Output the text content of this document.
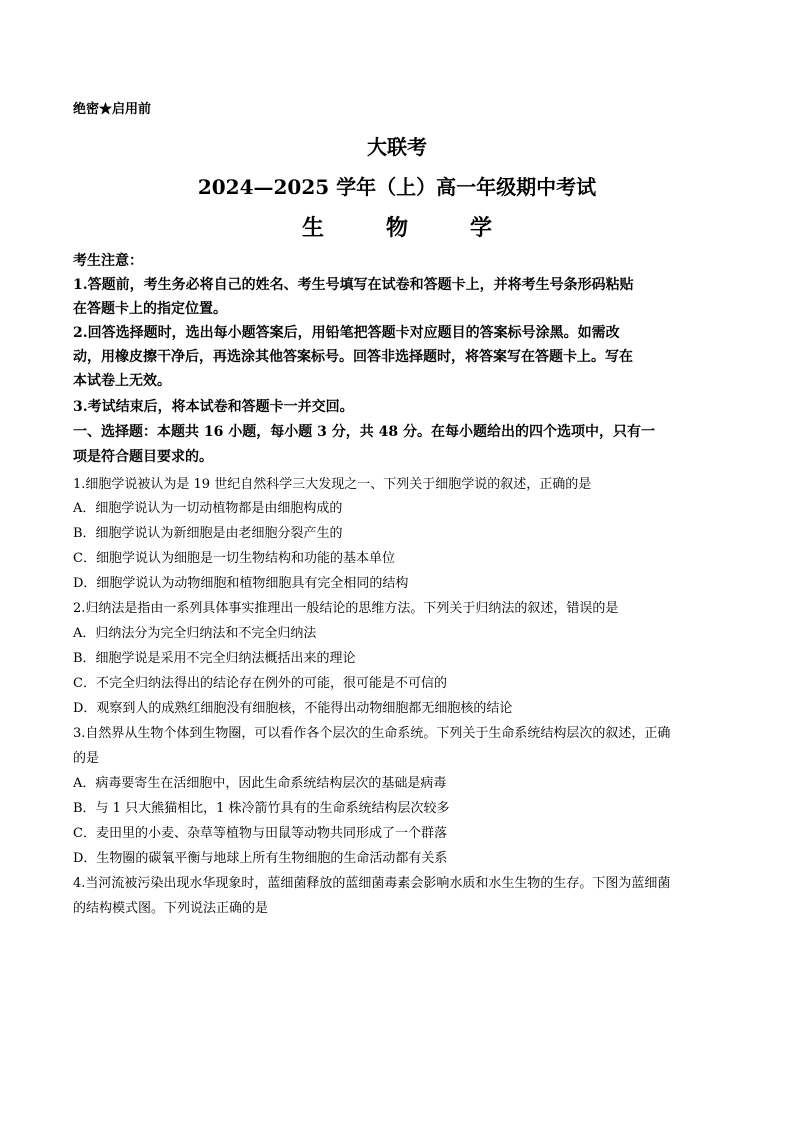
绝密★启用前
大联考
2024—2025 学年（上）高一年级期中考试
生　物　学
考生注意：
1.答题前，考生务必将自己的姓名、考生号填写在试卷和答题卡上，并将考生号条形码粘贴
在答题卡上的指定位置。
2.回答选择题时，选出每小题答案后，用铅笔把答题卡对应题目的答案标号涂黑。如需改
动，用橡皮擦干净后，再选涂其他答案标号。回答非选择题时，将答案写在答题卡上。写在
本试卷上无效。
3.考试结束后，将本试卷和答题卡一并交回。
一、选择题：本题共 16 小题，每小题 3 分，共 48 分。在每小题给出的四个选项中，只有一
项是符合题目要求的。
1.细胞学说被认为是 19 世纪自然科学三大发现之一、下列关于细胞学说的叙述，正确的是
A．细胞学说认为一切动植物都是由细胞构成的
B．细胞学说认为新细胞是由老细胞分裂产生的
C．细胞学说认为细胞是一切生物结构和功能的基本单位
D．细胞学说认为动物细胞和植物细胞具有完全相同的结构
2.归纳法是指由一系列具体事实推理出一般结论的思维方法。下列关于归纳法的叙述，错误的是
A．归纳法分为完全归纳法和不完全归纳法
B．细胞学说是采用不完全归纳法概括出来的理论
C．不完全归纳法得出的结论存在例外的可能，很可能是不可信的
D．观察到人的成熟红细胞没有细胞核，不能得出动物细胞都无细胞核的结论
3.自然界从生物个体到生物圈，可以看作各个层次的生命系统。下列关于生命系统结构层次的叙述，正确
的是
A．病毒要寄生在活细胞中，因此生命系统结构层次的基础是病毒
B．与 1 只大熊猫相比，1 株冷箭竹具有的生命系统结构层次较多
C．麦田里的小麦、杂草等植物与田鼠等动物共同形成了一个群落
D．生物圈的碳氧平衡与地球上所有生物细胞的生命活动都有关系
4.当河流被污染出现水华现象时，蓝细菌释放的蓝细菌毒素会影响水质和水生生物的生存。下图为蓝细菌
的结构模式图。下列说法正确的是
